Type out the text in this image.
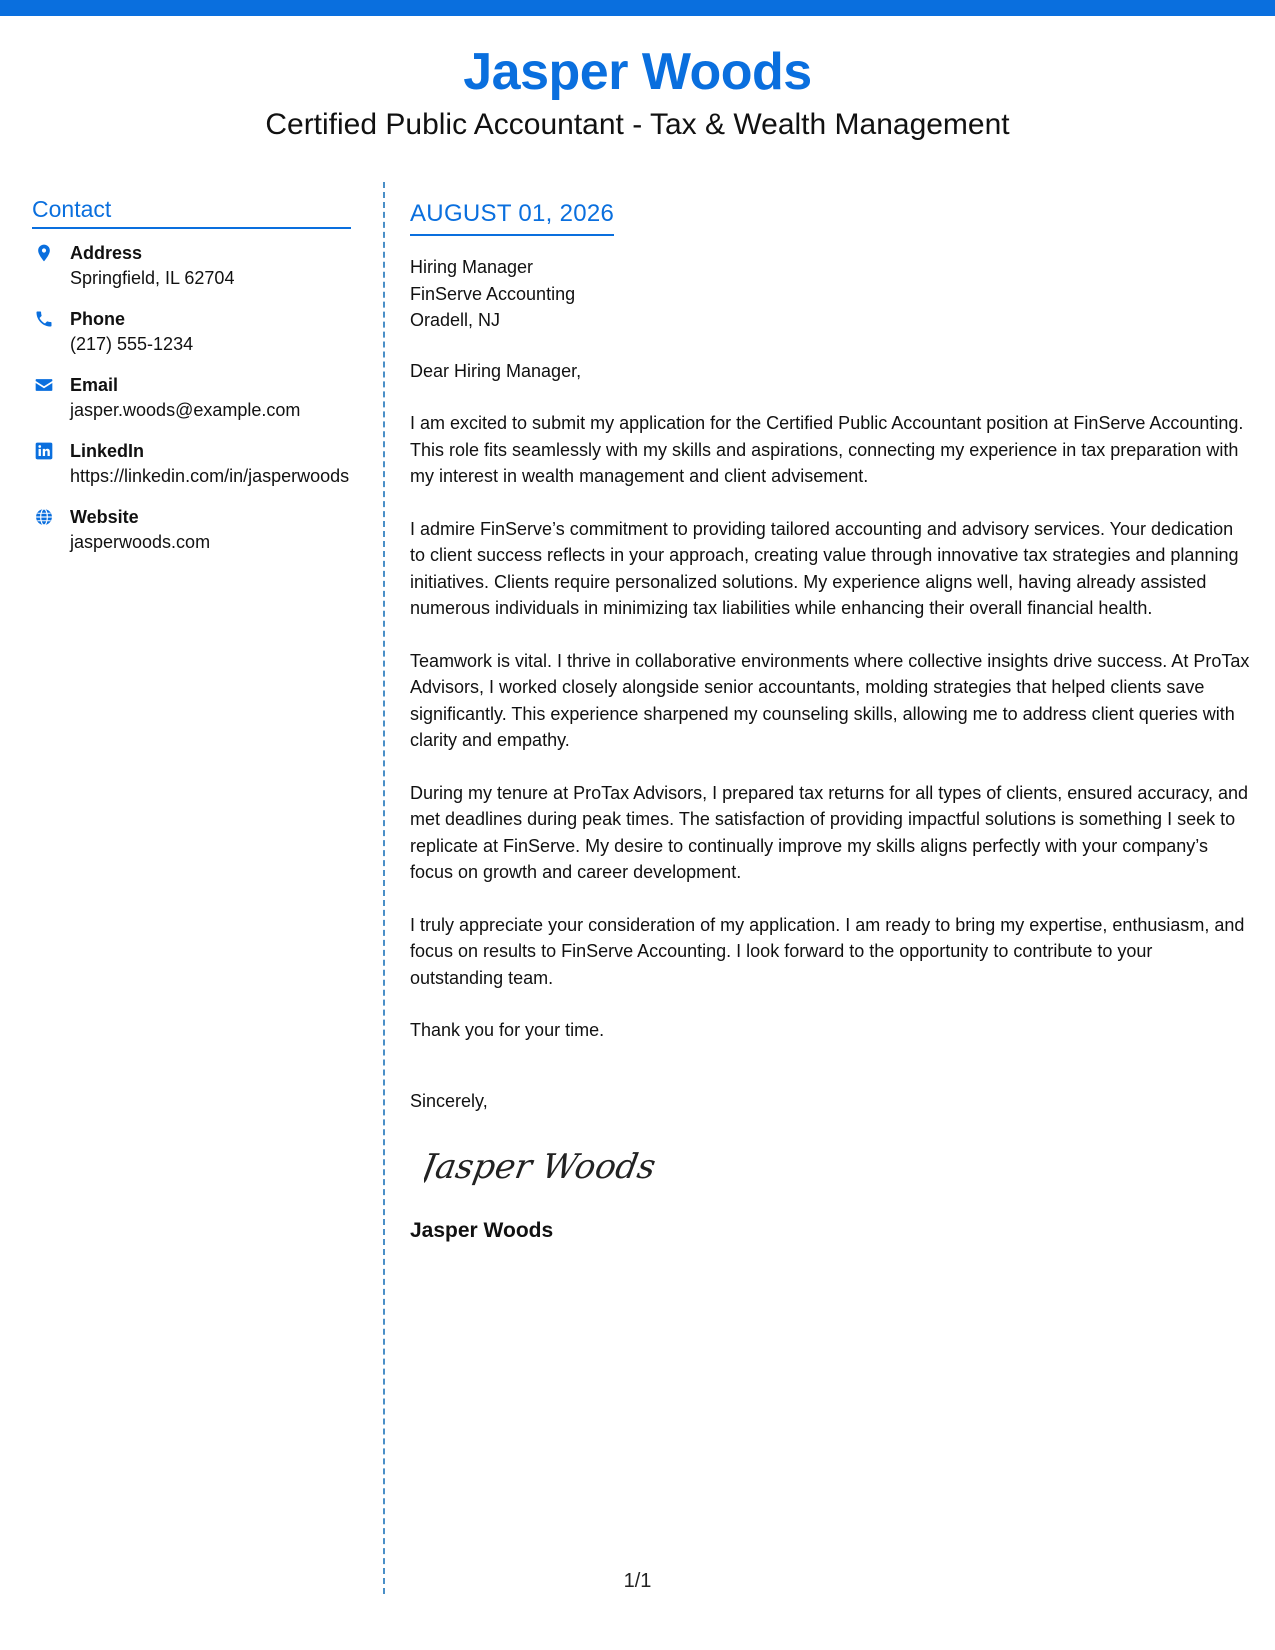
Jasper Woods
Certified Public Accountant - Tax & Wealth Management
Contact
Address
Springfield, IL 62704
Phone
(217) 555-1234
Email
jasper.woods@example.com
LinkedIn
https://linkedin.com/in/jasperwoods
Website
jasperwoods.com
AUGUST 01, 2026
Hiring Manager
FinServe Accounting
Oradell, NJ
Dear Hiring Manager,
I am excited to submit my application for the Certified Public Accountant position at FinServe Accounting. This role fits seamlessly with my skills and aspirations, connecting my experience in tax preparation with my interest in wealth management and client advisement.
I admire FinServe’s commitment to providing tailored accounting and advisory services. Your dedication to client success reflects in your approach, creating value through innovative tax strategies and planning initiatives. Clients require personalized solutions. My experience aligns well, having already assisted numerous individuals in minimizing tax liabilities while enhancing their overall financial health.
Teamwork is vital. I thrive in collaborative environments where collective insights drive success. At ProTax Advisors, I worked closely alongside senior accountants, molding strategies that helped clients save significantly. This experience sharpened my counseling skills, allowing me to address client queries with clarity and empathy.
During my tenure at ProTax Advisors, I prepared tax returns for all types of clients, ensured accuracy, and met deadlines during peak times. The satisfaction of providing impactful solutions is something I seek to replicate at FinServe. My desire to continually improve my skills aligns perfectly with your company’s focus on growth and career development.
I truly appreciate your consideration of my application. I am ready to bring my expertise, enthusiasm, and focus on results to FinServe Accounting. I look forward to the opportunity to contribute to your outstanding team.
Thank you for your time.
Sincerely,
Jasper Woods
Jasper Woods
1/1
